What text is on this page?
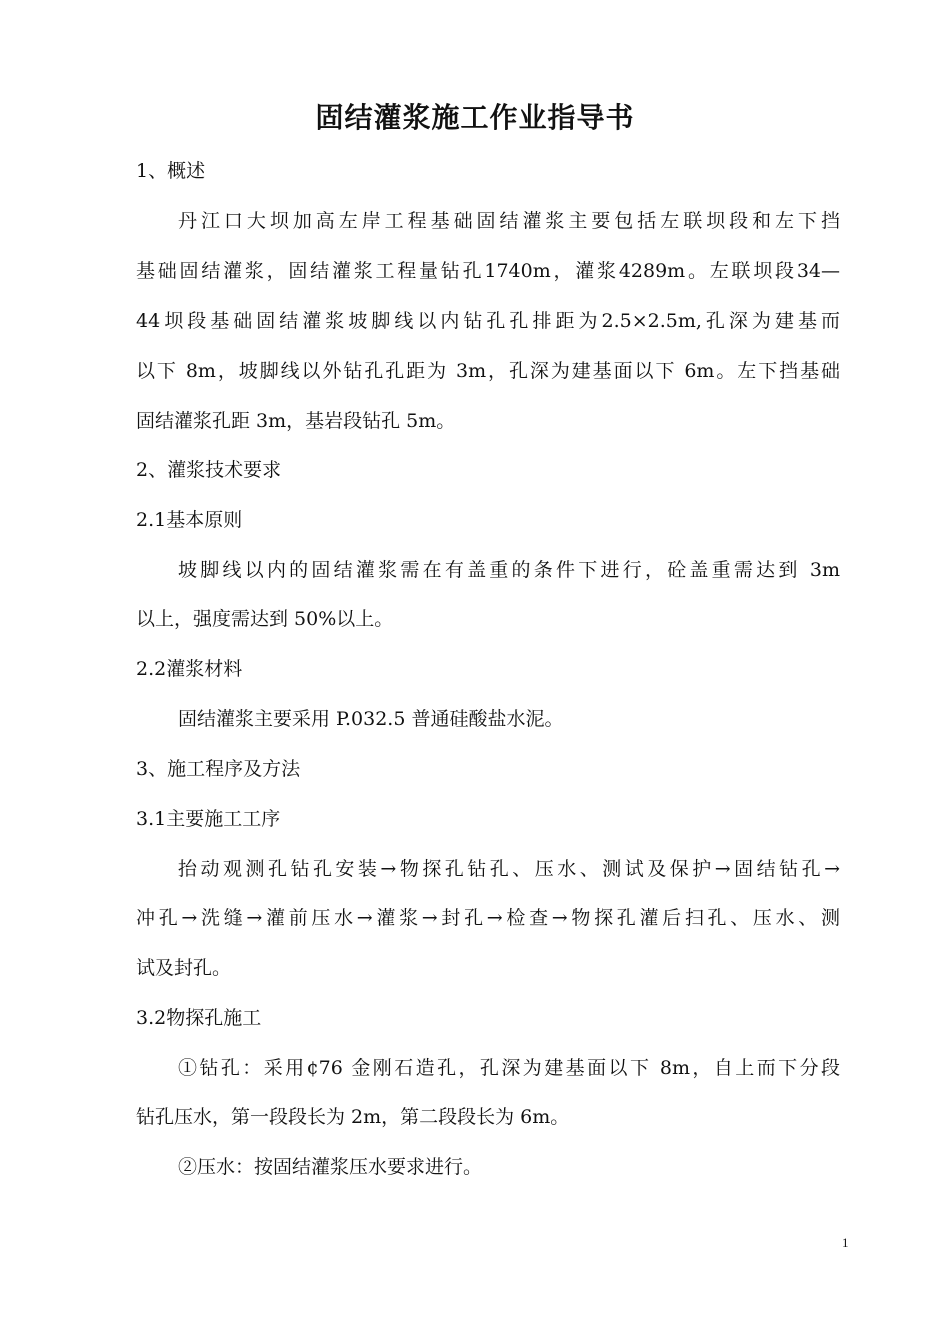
固结灌浆施工作业指导书
1、概述
丹江口大坝加高左岸工程基础固结灌浆主要包括左联坝段和左下挡
基础固结灌浆，固结灌浆工程量钻孔1740m，灌浆4289m。左联坝段34—
44坝段基础固结灌浆坡脚线以内钻孔孔排距为2.5×2.5m,孔深为建基而
以下 8m，坡脚线以外钻孔孔距为 3m，孔深为建基面以下 6m。左下挡基础
固结灌浆孔距 3m，基岩段钻孔 5m。
2、灌浆技术要求
2.1基本原则
坡脚线以内的固结灌浆需在有盖重的条件下进行，砼盖重需达到 3m
以上，强度需达到 50%以上。
2.2灌浆材料
固结灌浆主要采用 P.032.5 普通硅酸盐水泥。
3、施工程序及方法
3.1主要施工工序
抬动观测孔钻孔安装→物探孔钻孔、压水、测试及保护→固结钻孔→
冲孔→洗缝→灌前压水→灌浆→封孔→检查→物探孔灌后扫孔、压水、测
试及封孔。
3.2物探孔施工
①钻孔：采用¢76 金刚石造孔，孔深为建基面以下 8m，自上而下分段
钻孔压水，第一段段长为 2m，第二段段长为 6m。
②压水：按固结灌浆压水要求进行。
1
